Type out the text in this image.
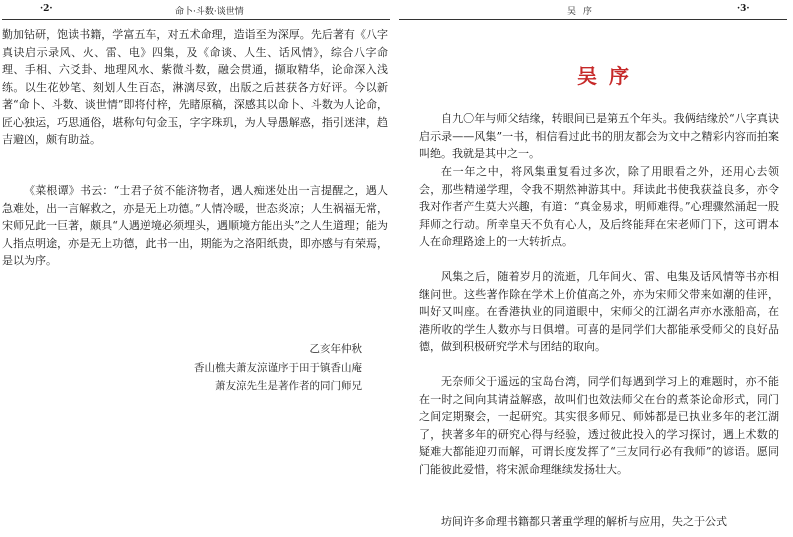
·2·	命卜·斗数·谈世情

勤加钻研，饱读书籍，学富五车，对五术命理，造诣至为深厚。先后著有《八字真诀启示录风、火、雷、电》四集，及《命谈、人生、话风情》，综合八字命理、手相、六爻卦、地理风水、紫微斗数，融会贯通，撷取精华，论命深入浅练。以生花妙笔、刻划人生百态，淋漓尽致，出版之后甚获各方好评。今以新著“命卜、斗数、谈世情”即将付梓，先睹原稿，深感其以命卜、斗数为人论命，匠心独运，巧思通俗，堪称句句金玉，字字珠玑，为人导愚解惑，指引迷津，趋吉避凶，颇有助益。

《菜根谭》书云：“士君子贫不能济物者，遇人痴迷处出一言提醒之，遇人急难处，出一言解救之，亦是无上功德。”人情冷暖，世态炎凉；人生祸福无常，宋师兄此一巨著，颇具“人遇逆境必须埋头，遇顺境方能出头”之人生道理；能为人指点明途，亦是无上功德，此书一出，期能为之洛阳纸贵，即亦感与有荣焉，是以为序。

乙亥年仲秋
香山樵夫萧友涼谨序于田于镇香山庵
萧友涼先生是著作者的同门师兄
吴 序	·3·
吴序

自九〇年与师父结缘，转眼间已是第五个年头。我俩结缘於“八字真诀启示录——风集”一书，相信看过此书的朋友都会为文中之精彩内容而拍案叫绝。我就是其中之一。

在一年之中，将风集重复看过多次，除了用眼看之外，还用心去领会，那些精递学理，令我不期然神游其中。拜读此书使我获益良多，亦令我对作者产生莫大兴趣，有道：“真金易求，明师难得。”心理骤然涌起一股拜师之行动。所幸皇天不负有心人，及后终能拜在宋老师门下，这可谓本人在命理路途上的一大转折点。

风集之后，随着岁月的流逝，几年间火、雷、电集及话风情等书亦相继问世。这些著作除在学术上价值高之外，亦为宋师父带来如潮的佳评，叫好又叫座。在香港执业的同道眼中，宋师父的江湖名声亦水涨船高，在港所收的学生人数亦与日俱增。可喜的是同学们大都能承受师父的良好品德，做到积极研究学术与团结的取向。

无奈师父于遥远的宝岛台湾，同学们每遇到学习上的难题时，亦不能在一时之间向其请益解惑，故叫们也效法师父在台的煮茶论命形式，同门之间定期聚会，一起研究。其实很多师兄、师姊都是已执业多年的老江湖了，挟著多年的研究心得与经验，透过彼此投入的学习探讨，遇上术数的疑难大都能迎刃而解，可谓长度发挥了“三友同行必有我师”的谚语。愿同门能彼此爱惜，将宋派命理继续发扬壮大。

坊间许多命理书籍都只著重学理的解析与应用，失之于公式
